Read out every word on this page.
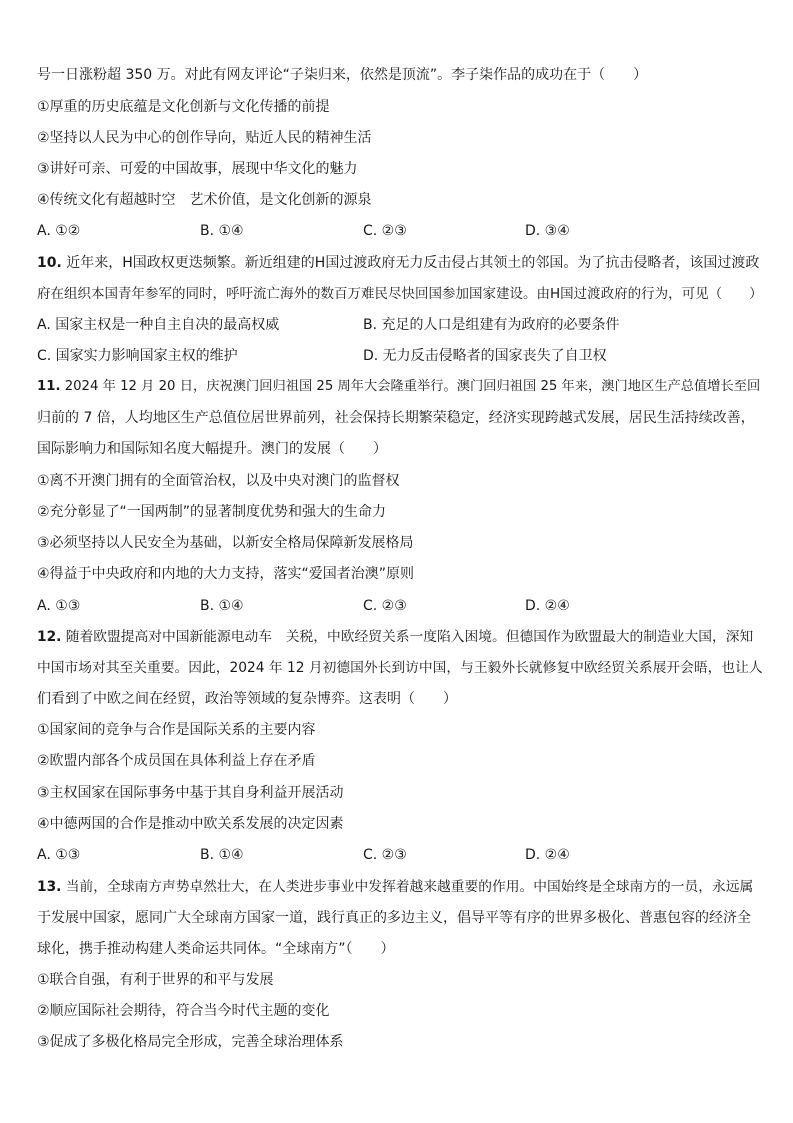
号一日涨粉超 350 万。对此有网友评论“子柒归来，依然是顶流”。李子柒作品的成功在于（　　）
①厚重的历史底蕴是文化创新与文化传播的前提
②坚持以人民为中心的创作导向，贴近人民的精神生活
③讲好可亲、可爱的中国故事，展现中华文化的魅力
④传统文化有超越时空　艺术价值，是文化创新的源泉
A. ①②	B. ①④	C. ②③	D. ③④
10. 近年来，H国政权更迭频繁。新近组建的H国过渡政府无力反击侵占其领土的邻国。为了抗击侵略者，该国过渡政
府在组织本国青年参军的同时，呼吁流亡海外的数百万难民尽快回国参加国家建设。由H国过渡政府的行为，可见（　　）
A. 国家主权是一种自主自决的最高权威	B. 充足的人口是组建有为政府的必要条件
C. 国家实力影响国家主权的维护	D. 无力反击侵略者的国家丧失了自卫权
11. 2024 年 12 月 20 日，庆祝澳门回归祖国 25 周年大会隆重举行。澳门回归祖国 25 年来，澳门地区生产总值增长至回
归前的 7 倍，人均地区生产总值位居世界前列，社会保持长期繁荣稳定，经济实现跨越式发展，居民生活持续改善，
国际影响力和国际知名度大幅提升。澳门的发展（　　）
①离不开澳门拥有的全面管治权，以及中央对澳门的监督权
②充分彰显了“一国两制”的显著制度优势和强大的生命力
③必须坚持以人民安全为基础，以新安全格局保障新发展格局
④得益于中央政府和内地的大力支持，落实“爱国者治澳”原则
A. ①③	B. ①④	C. ②③	D. ②④
12. 随着欧盟提高对中国新能源电动车　关税，中欧经贸关系一度陷入困境。但德国作为欧盟最大的制造业大国，深知
中国市场对其至关重要。因此，2024 年 12 月初德国外长到访中国，与王毅外长就修复中欧经贸关系展开会晤，也让人
们看到了中欧之间在经贸，政治等领域的复杂博弈。这表明（　　）
①国家间的竞争与合作是国际关系的主要内容
②欧盟内部各个成员国在具体利益上存在矛盾
③主权国家在国际事务中基于其自身利益开展活动
④中德两国的合作是推动中欧关系发展的决定因素
A. ①③	B. ①④	C. ②③	D. ②④
13. 当前，全球南方声势卓然壮大，在人类进步事业中发挥着越来越重要的作用。中国始终是全球南方的一员，永远属
于发展中国家，愿同广大全球南方国家一道，践行真正的多边主义，倡导平等有序的世界多极化、普惠包容的经济全
球化，携手推动构建人类命运共同体。“全球南方”（　　）
①联合自强，有利于世界的和平与发展
②顺应国际社会期待，符合当今时代主题的变化
③促成了多极化格局完全形成，完善全球治理体系
